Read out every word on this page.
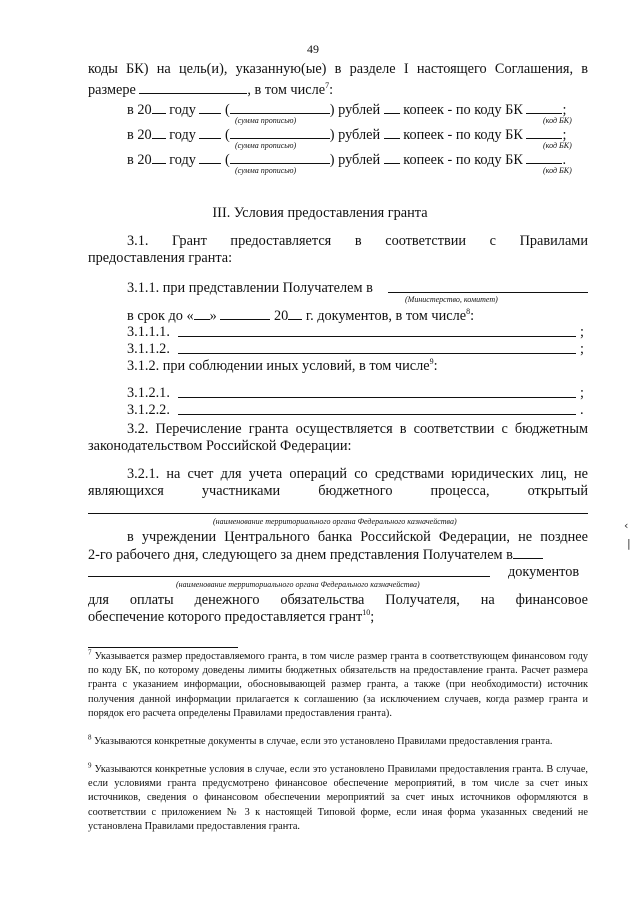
49
коды БК) на цель(и), указанную(ые) в разделе I настоящего Соглашения, в
размере	, в том числе$^7$:
в 20 году  (	) рублей копеек - по коду БК	;
(сумма прописью)	(код БК)
в 20 году  (	) рублей копеек - по коду БК	;
(сумма прописью)	(код БК)
в 20 году  (	) рублей копеек - по коду БК	.
(сумма прописью)	(код БК)
III. Условия предоставления гранта
3.1. Грант предоставляется в соответствии с Правилами
предоставления гранта:
3.1.1. при представлении Получателем в
(Министерство, комитет)
в срок до « »	20 г. документов, в том числе$^8$:
3.1.1.1.	;
3.1.1.2.	;
3.1.2. при соблюдении иных условий, в том числе$^9$:
3.1.2.1.	;
3.1.2.2.	.
3.2. Перечисление гранта осуществляется в соответствии с бюджетным
законодательством Российской Федерации:
3.2.1. на счет для учета операций со средствами юридических лиц, не
являющихся участниками бюджетного процесса, открытый
(наименование территориального органа Федерального казначейства)
в учреждении Центрального банка Российской Федерации, не позднее
2-го рабочего дня, следующего за днем представления Получателем в
документов
(наименование территориального органа Федерального казначейства)
для оплаты денежного обязательства Получателя, на финансовое
обеспечение которого предоставляется грант$^{10}$;
$^7$ Указывается размер предоставляемого гранта, в том числе размер гранта в соответствующем финансовом году по коду БК, по которому доведены лимиты бюджетных обязательств на предоставление гранта. Расчет размера гранта с указанием информации, обосновывающей размер гранта, а также (при необходимости) источник получения данной информации прилагается к соглашению (за исключением случаев, когда размер гранта и порядок его расчета определены Правилами предоставления гранта).
$^8$ Указываются конкретные документы в случае, если это установлено Правилами предоставления гранта.
$^9$ Указываются конкретные условия в случае, если это установлено Правилами предоставления гранта. В случае, если условиями гранта предусмотрено финансовое обеспечение мероприятий, в том числе за счет иных источников, сведения о финансовом обеспечении мероприятий за счет иных источников оформляются в соответствии с приложением № 3 к настоящей Типовой форме, если иная форма указанных сведений не установлена Правилами предоставления гранта.
‹
|
